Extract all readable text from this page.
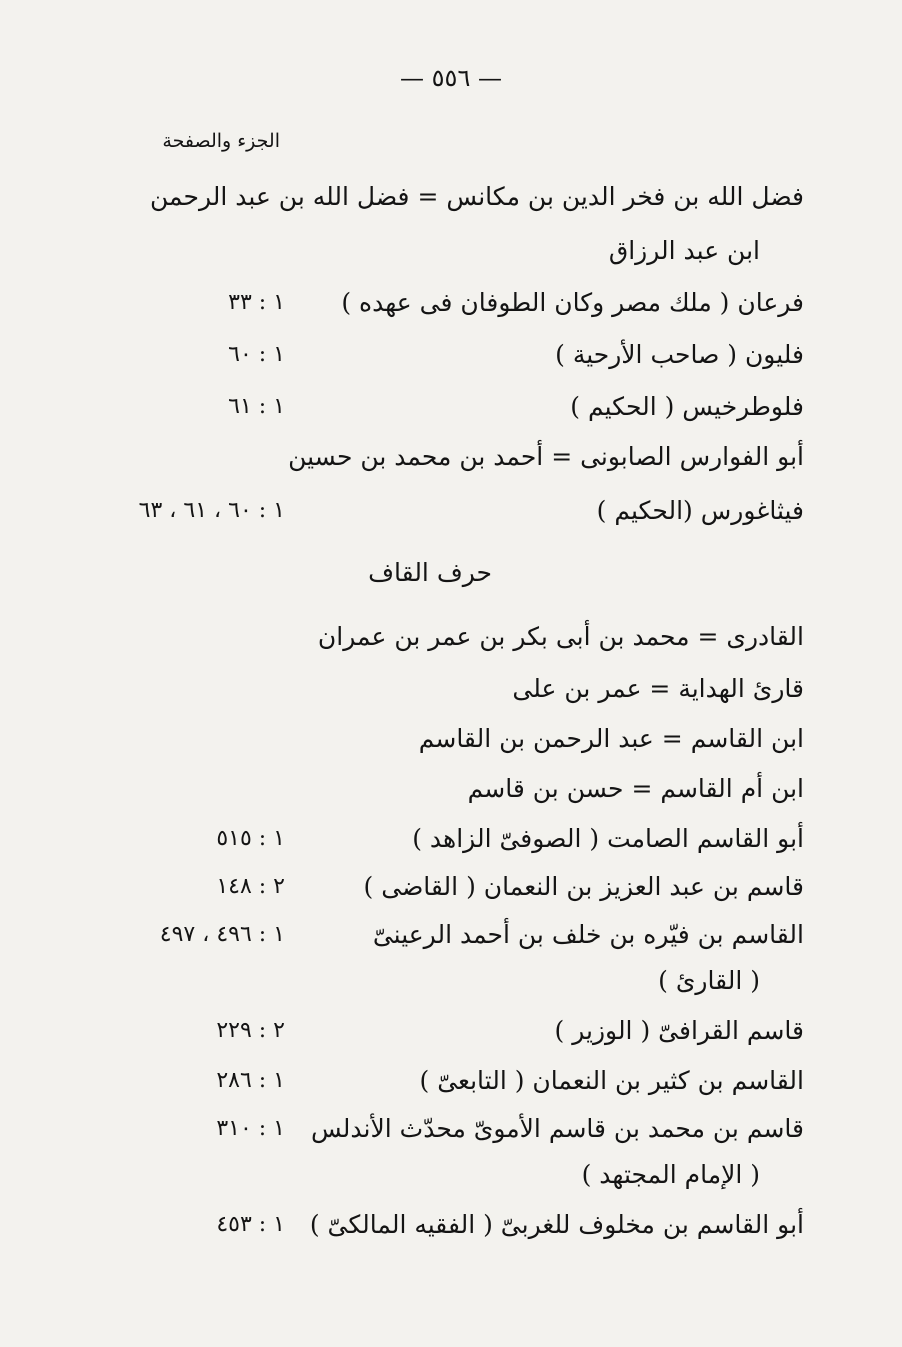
— ٥٥٦ —
الجزء والصفحة
فضل الله بن فخر الدين بن مكانس = فضل الله بن عبد الرحمن
ابن عبد الرزاق
فرعان ( ملك مصر وكان الطوفان فى عهده )
١ : ٣٣
فليون ( صاحب الأرحية )
١ : ٦٠
فلوطرخيس ( الحكيم )
١ : ٦١
أبو الفوارس الصابونى = أحمد بن محمد بن حسين
فيثاغورس (الحكيم )
١ : ٦٠ ، ٦١ ، ٦٣
حرف القاف
القادرى = محمد بن أبى بكر بن عمر بن عمران
قارئ الهداية = عمر بن على
ابن القاسم = عبد الرحمن بن القاسم
ابن أم القاسم = حسن بن قاسم
أبو القاسم الصامت ( الصوفىّ الزاهد )
١ : ٥١٥
قاسم بن عبد العزيز بن النعمان ( القاضى )
٢ : ١٤٨
القاسم بن فيّره بن خلف بن أحمد الرعينىّ
١ : ٤٩٦ ، ٤٩٧
( القارئ )
قاسم القرافىّ ( الوزير )
٢ : ٢٢٩
القاسم بن كثير بن النعمان ( التابعىّ )
١ : ٢٨٦
قاسم بن محمد بن قاسم الأموىّ محدّث الأندلس
١ : ٣١٠
( الإمام المجتهد )
أبو القاسم بن مخلوف للغربىّ ( الفقيه المالكىّ )
١ : ٤٥٣
